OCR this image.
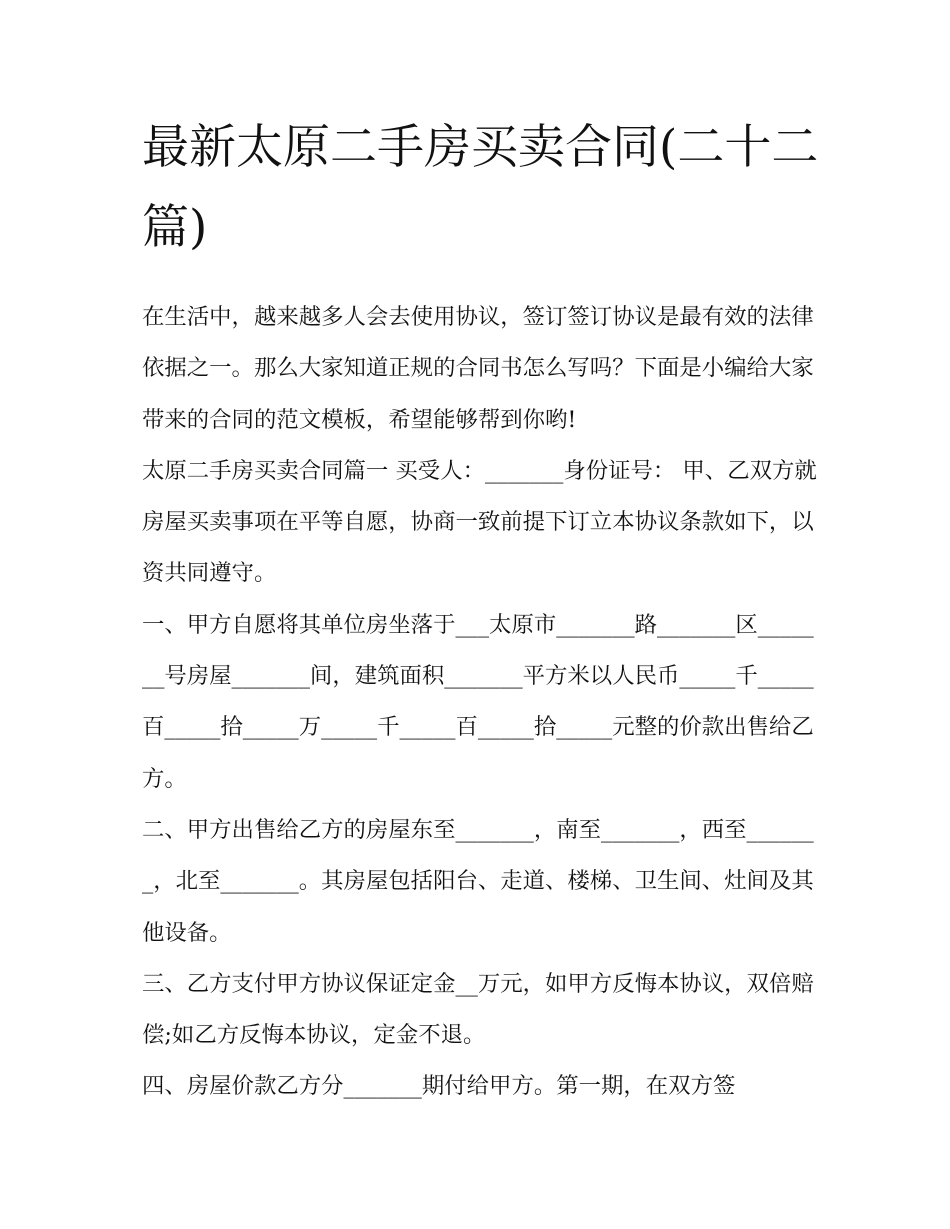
最新太原二手房买卖合同(二十二篇)

在生活中，越来越多人会去使用协议，签订签订协议是最有效的法律依据之一。那么大家知道正规的合同书怎么写吗？下面是小编给大家带来的合同的范文模板，希望能够帮到你哟!

太原二手房买卖合同篇一 买受人：_______身份证号： 甲、乙双方就房屋买卖事项在平等自愿，协商一致前提下订立本协议条款如下，以资共同遵守。

一、甲方自愿将其单位房坐落于___太原市_______路_______区_______号房屋_______间，建筑面积_______平方米以人民币_____千_____百_____拾_____万_____千_____百_____拾_____元整的价款出售给乙方。

二、甲方出售给乙方的房屋东至_______，南至_______，西至_______，北至_______。其房屋包括阳台、走道、楼梯、卫生间、灶间及其他设备。

三、乙方支付甲方协议保证定金__万元，如甲方反悔本协议，双倍赔偿;如乙方反悔本协议，定金不退。

四、房屋价款乙方分_______期付给甲方。第一期，在双方签
